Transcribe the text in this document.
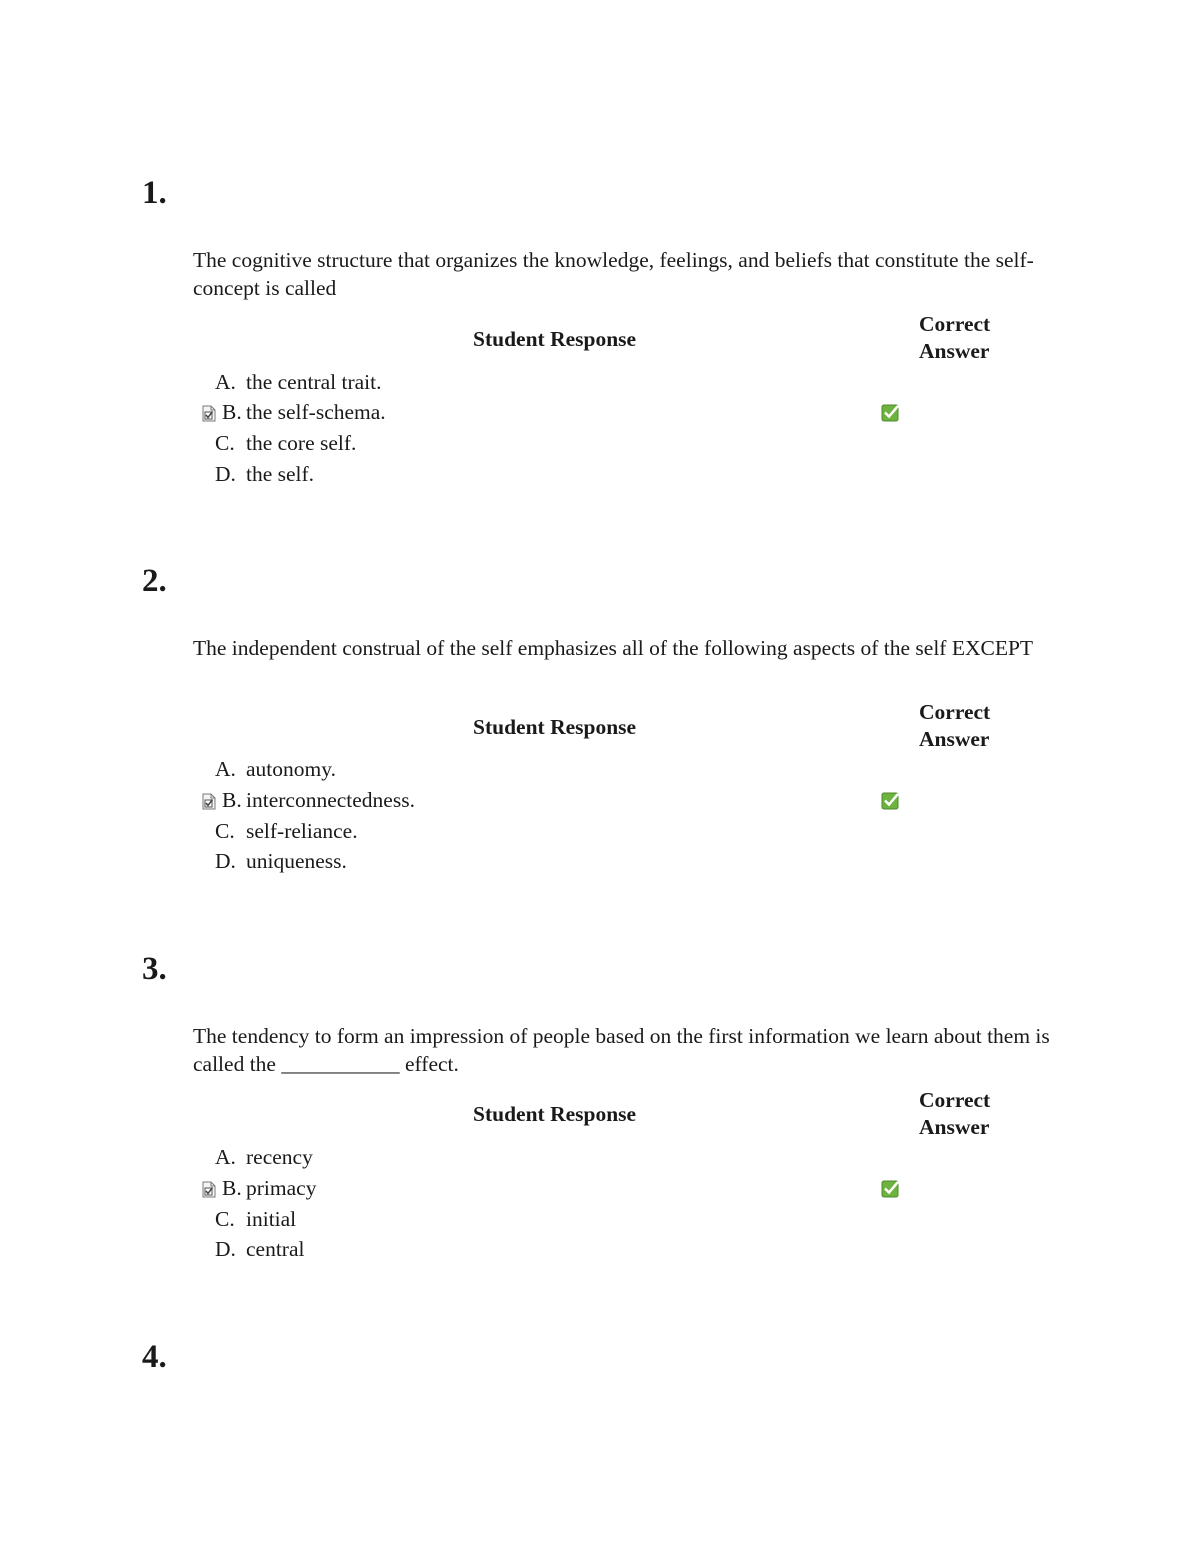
1.
The cognitive structure that organizes the knowledge, feelings, and beliefs that constitute the self-concept is called
Student Response
Correct
Answer
A. the central trait.
B. the self-schema.
C. the core self.
D. the self.
2.
The independent construal of the self emphasizes all of the following aspects of the self EXCEPT
Student Response
Correct
Answer
A. autonomy.
B. interconnectedness.
C. self-reliance.
D. uniqueness.
3.
The tendency to form an impression of people based on the first information we learn about them is called the ___________ effect.
Student Response
Correct
Answer
A. recency
B. primacy
C. initial
D. central
4.
